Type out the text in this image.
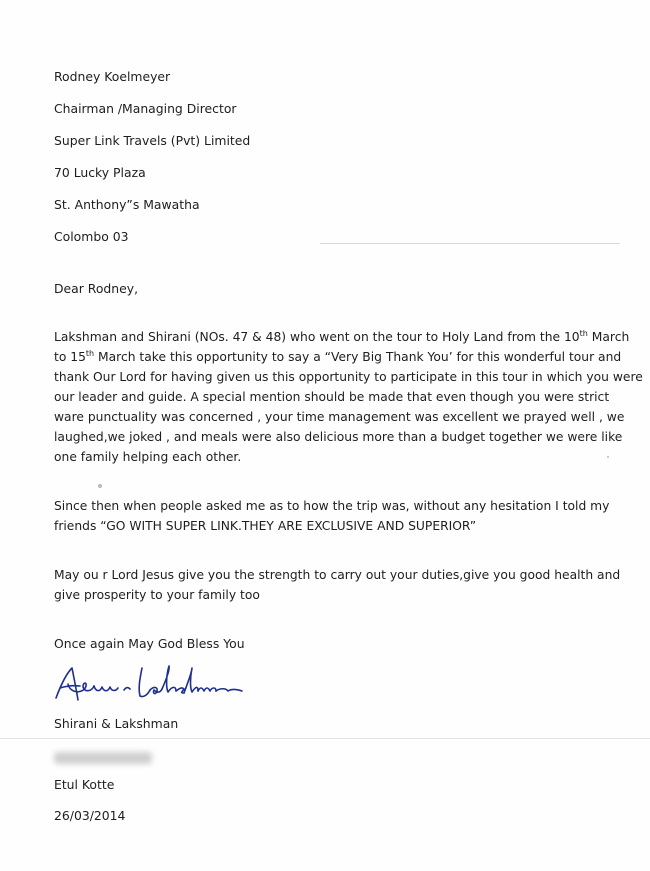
Rodney Koelmeyer
Chairman /Managing Director
Super Link Travels (Pvt) Limited
70 Lucky Plaza
St. Anthony”s Mawatha
Colombo 03
Dear Rodney,
Lakshman and Shirani (NOs. 47 & 48) who went on the tour to Holy Land from the 10th March
to 15th March take this opportunity to say a “Very Big Thank You’ for this wonderful tour and
thank Our Lord for having given us this opportunity to participate in this tour in which you were
our leader and guide. A special mention should be made that even though you were strict
ware punctuality was concerned , your time management was excellent we prayed well , we
laughed,we joked , and meals were also delicious more than a budget together we were like
one family helping each other.
Since then when people asked me as to how the trip was, without any hesitation I told my
friends “GO WITH SUPER LINK.THEY ARE EXCLUSIVE AND SUPERIOR”
May ou r Lord Jesus give you the strength to carry out your duties,give you good health and
give prosperity to your family too
Once again May God Bless You
Shirani & Lakshman
Etul Kotte
26/03/2014
